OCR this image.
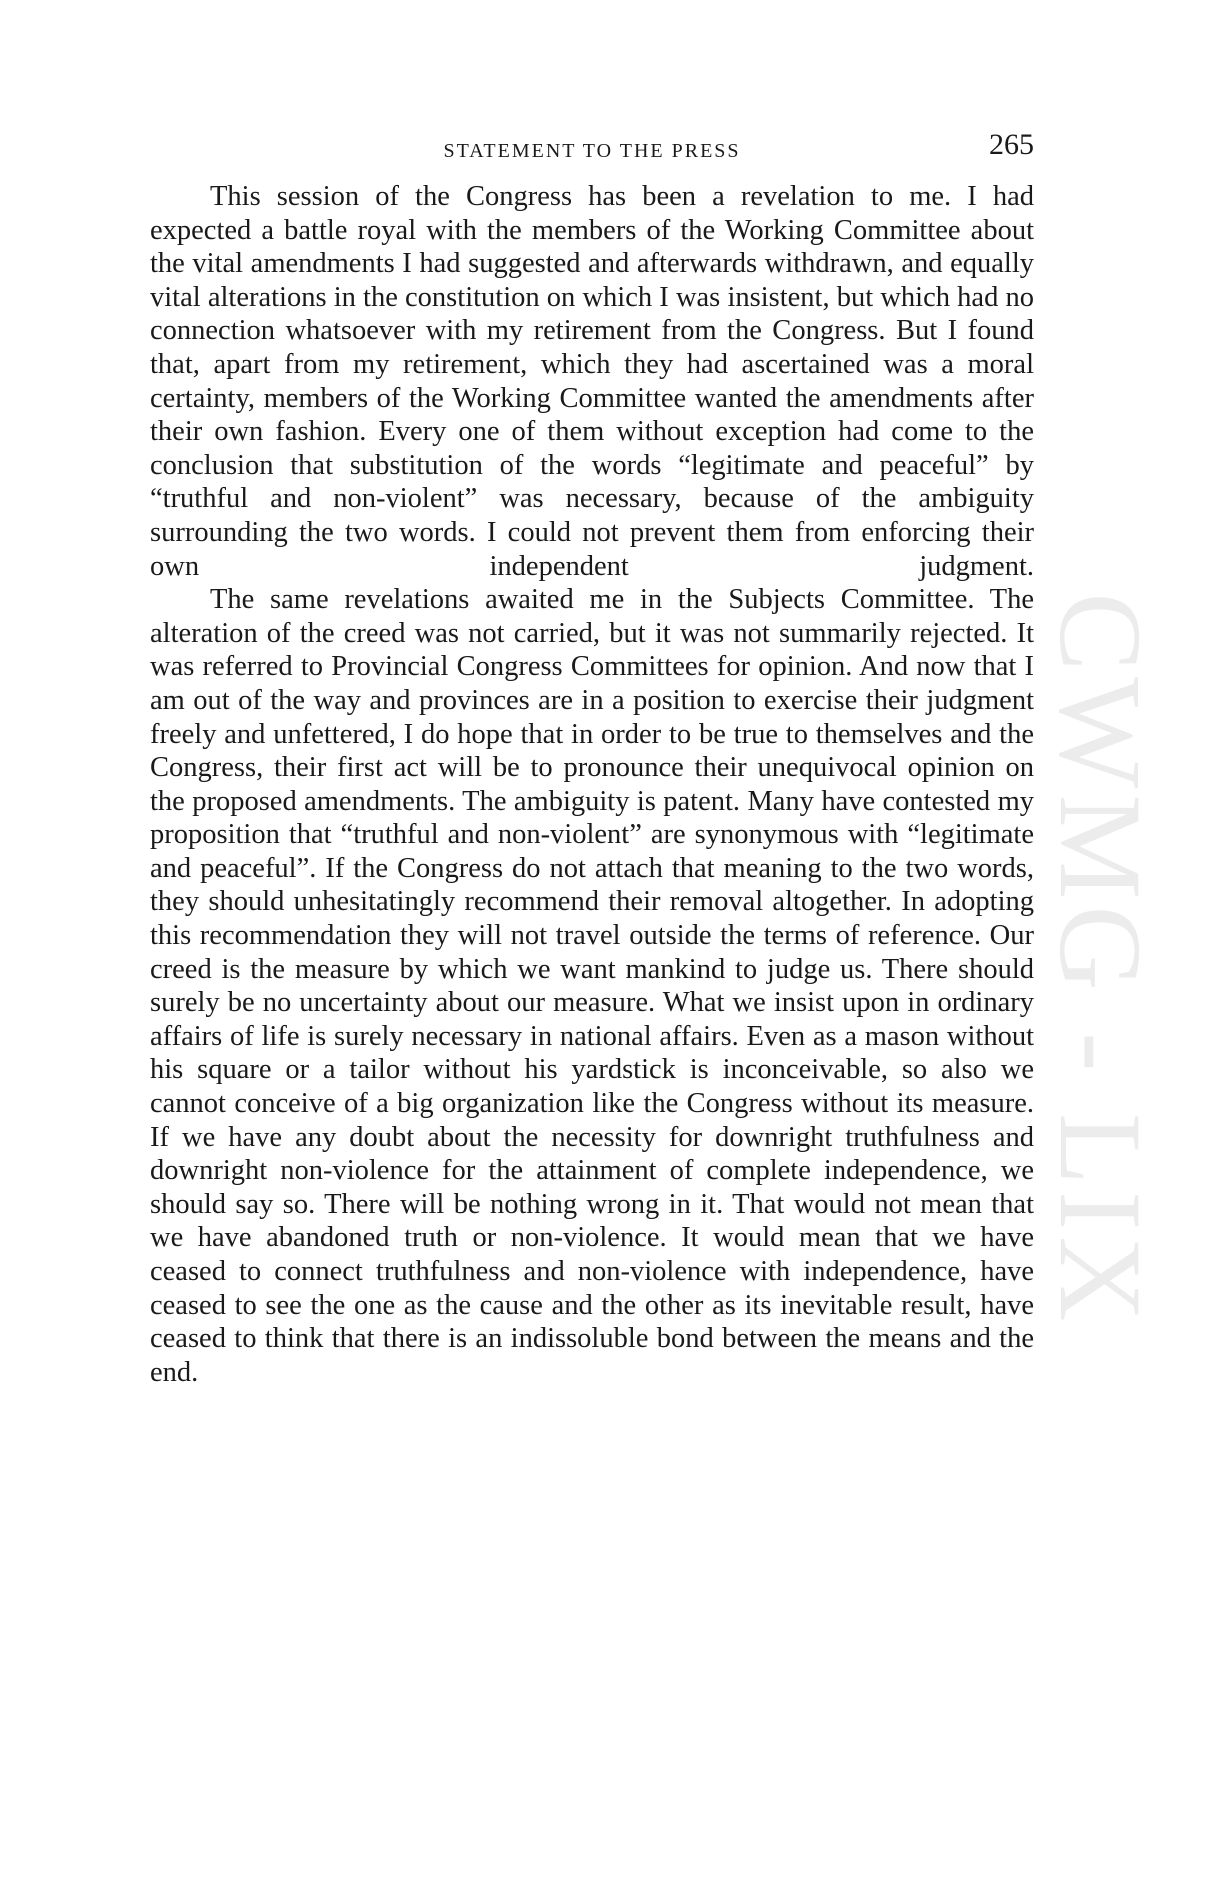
STATEMENT TO THE PRESS	265
CWMG - LIX

This session of the Congress has been a revelation to me. I had expected a battle royal with the members of the Working Committee about the vital amendments I had suggested and afterwards withdrawn, and equally vital alterations in the constitution on which I was insistent, but which had no connection whatsoever with my retirement from the Congress. But I found that, apart from my retirement, which they had ascertained was a moral certainty, members of the Working Committee wanted the amendments after their own fashion. Every one of them without exception had come to the conclusion that substitution of the words “legitimate and peaceful” by “truthful and non-violent” was necessary, because of the ambiguity surrounding the two words. I could not prevent them from enforcing their own independent judgment.

The same revelations awaited me in the Subjects Committee. The alteration of the creed was not carried, but it was not summarily rejected. It was referred to Provincial Congress Committees for opinion. And now that I am out of the way and provinces are in a position to exercise their judgment freely and unfettered, I do hope that in order to be true to themselves and the Congress, their first act will be to pronounce their unequivocal opinion on the proposed amendments. The ambiguity is patent. Many have contested my proposition that “truthful and non-violent” are synonymous with “legitimate and peaceful”. If the Congress do not attach that meaning to the two words, they should unhesitatingly recommend their removal altogether. In adopting this recommendation they will not travel outside the terms of reference. Our creed is the measure by which we want mankind to judge us. There should surely be no uncertainty about our measure. What we insist upon in ordinary affairs of life is surely necessary in national affairs. Even as a mason without his square or a tailor without his yardstick is inconceivable, so also we cannot conceive of a big organization like the Congress without its measure. If we have any doubt about the necessity for downright truthfulness and downright non-violence for the attainment of complete independence, we should say so. There will be nothing wrong in it. That would not mean that we have abandoned truth or non-violence. It would mean that we have ceased to connect truthfulness and non-violence with independence, have ceased to see the one as the cause and the other as its inevitable result, have ceased to think that there is an indissoluble bond between the means and the end.
